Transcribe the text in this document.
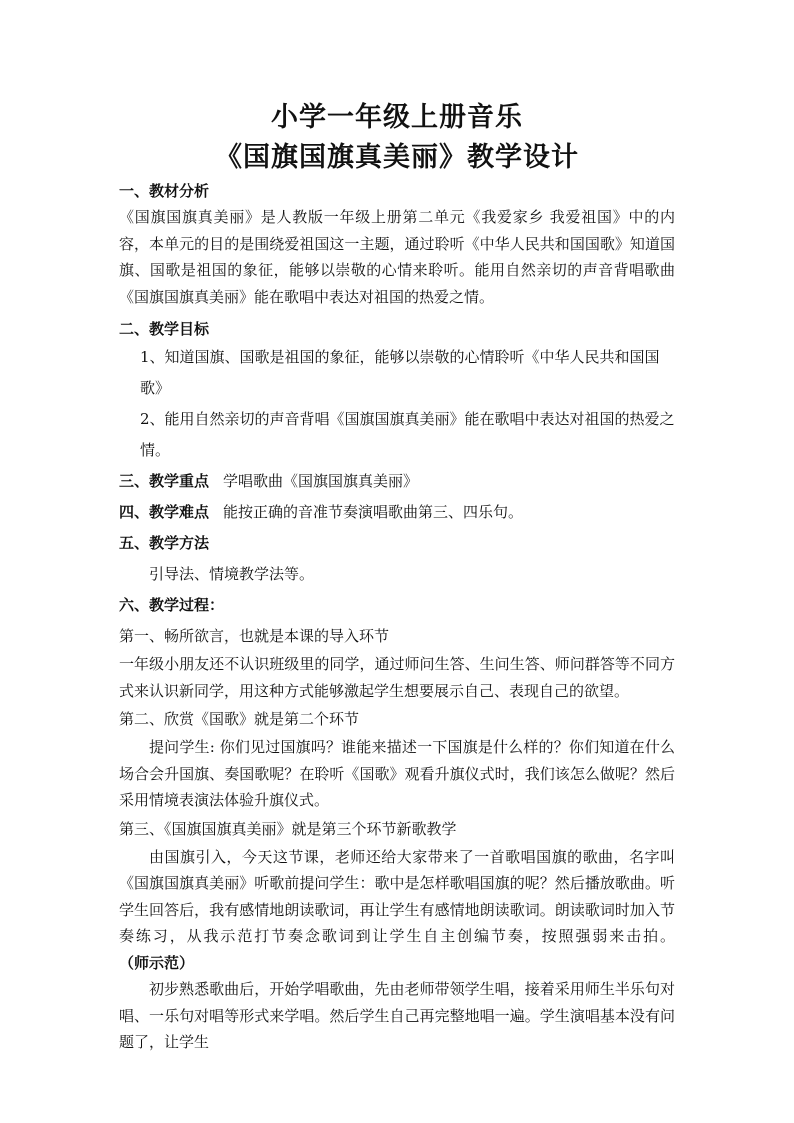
小学一年级上册音乐
《国旗国旗真美丽》教学设计

一、教材分析

《国旗国旗真美丽》是人教版一年级上册第二单元《我爱家乡 我爱祖国》中的内容，本单元的目的是围绕爱祖国这一主题，通过聆听《中华人民共和国国歌》知道国旗、国歌是祖国的象征，能够以崇敬的心情来聆听。能用自然亲切的声音背唱歌曲《国旗国旗真美丽》能在歌唱中表达对祖国的热爱之情。

二、教学目标

1、知道国旗、国歌是祖国的象征，能够以崇敬的心情聆听《中华人民共和国国歌》

2、能用自然亲切的声音背唱《国旗国旗真美丽》能在歌唱中表达对祖国的热爱之情。

三、教学重点 学唱歌曲《国旗国旗真美丽》

四、教学难点 能按正确的音准节奏演唱歌曲第三、四乐句。

五、教学方法

引导法、情境教学法等。

六、教学过程：

第一、畅所欲言，也就是本课的导入环节

一年级小朋友还不认识班级里的同学，通过师问生答、生问生答、师问群答等不同方式来认识新同学，用这种方式能够激起学生想要展示自己、表现自己的欲望。

第二、欣赏《国歌》就是第二个环节

提问学生: 你们见过国旗吗？谁能来描述一下国旗是什么样的？你们知道在什么场合会升国旗、奏国歌呢？在聆听《国歌》观看升旗仪式时，我们该怎么做呢？然后采用情境表演法体验升旗仪式。

第三、《国旗国旗真美丽》就是第三个环节新歌教学

由国旗引入，今天这节课，老师还给大家带来了一首歌唱国旗的歌曲，名字叫《国旗国旗真美丽》听歌前提问学生：歌中是怎样歌唱国旗的呢？然后播放歌曲。听学生回答后，我有感情地朗读歌词，再让学生有感情地朗读歌词。朗读歌词时加入节奏练习，从我示范打节奏念歌词到让学生自主创编节奏，按照强弱来击拍。（师示范）

初步熟悉歌曲后，开始学唱歌曲，先由老师带领学生唱，接着采用师生半乐句对唱、一乐句对唱等形式来学唱。然后学生自己再完整地唱一遍。学生演唱基本没有问题了，让学生
